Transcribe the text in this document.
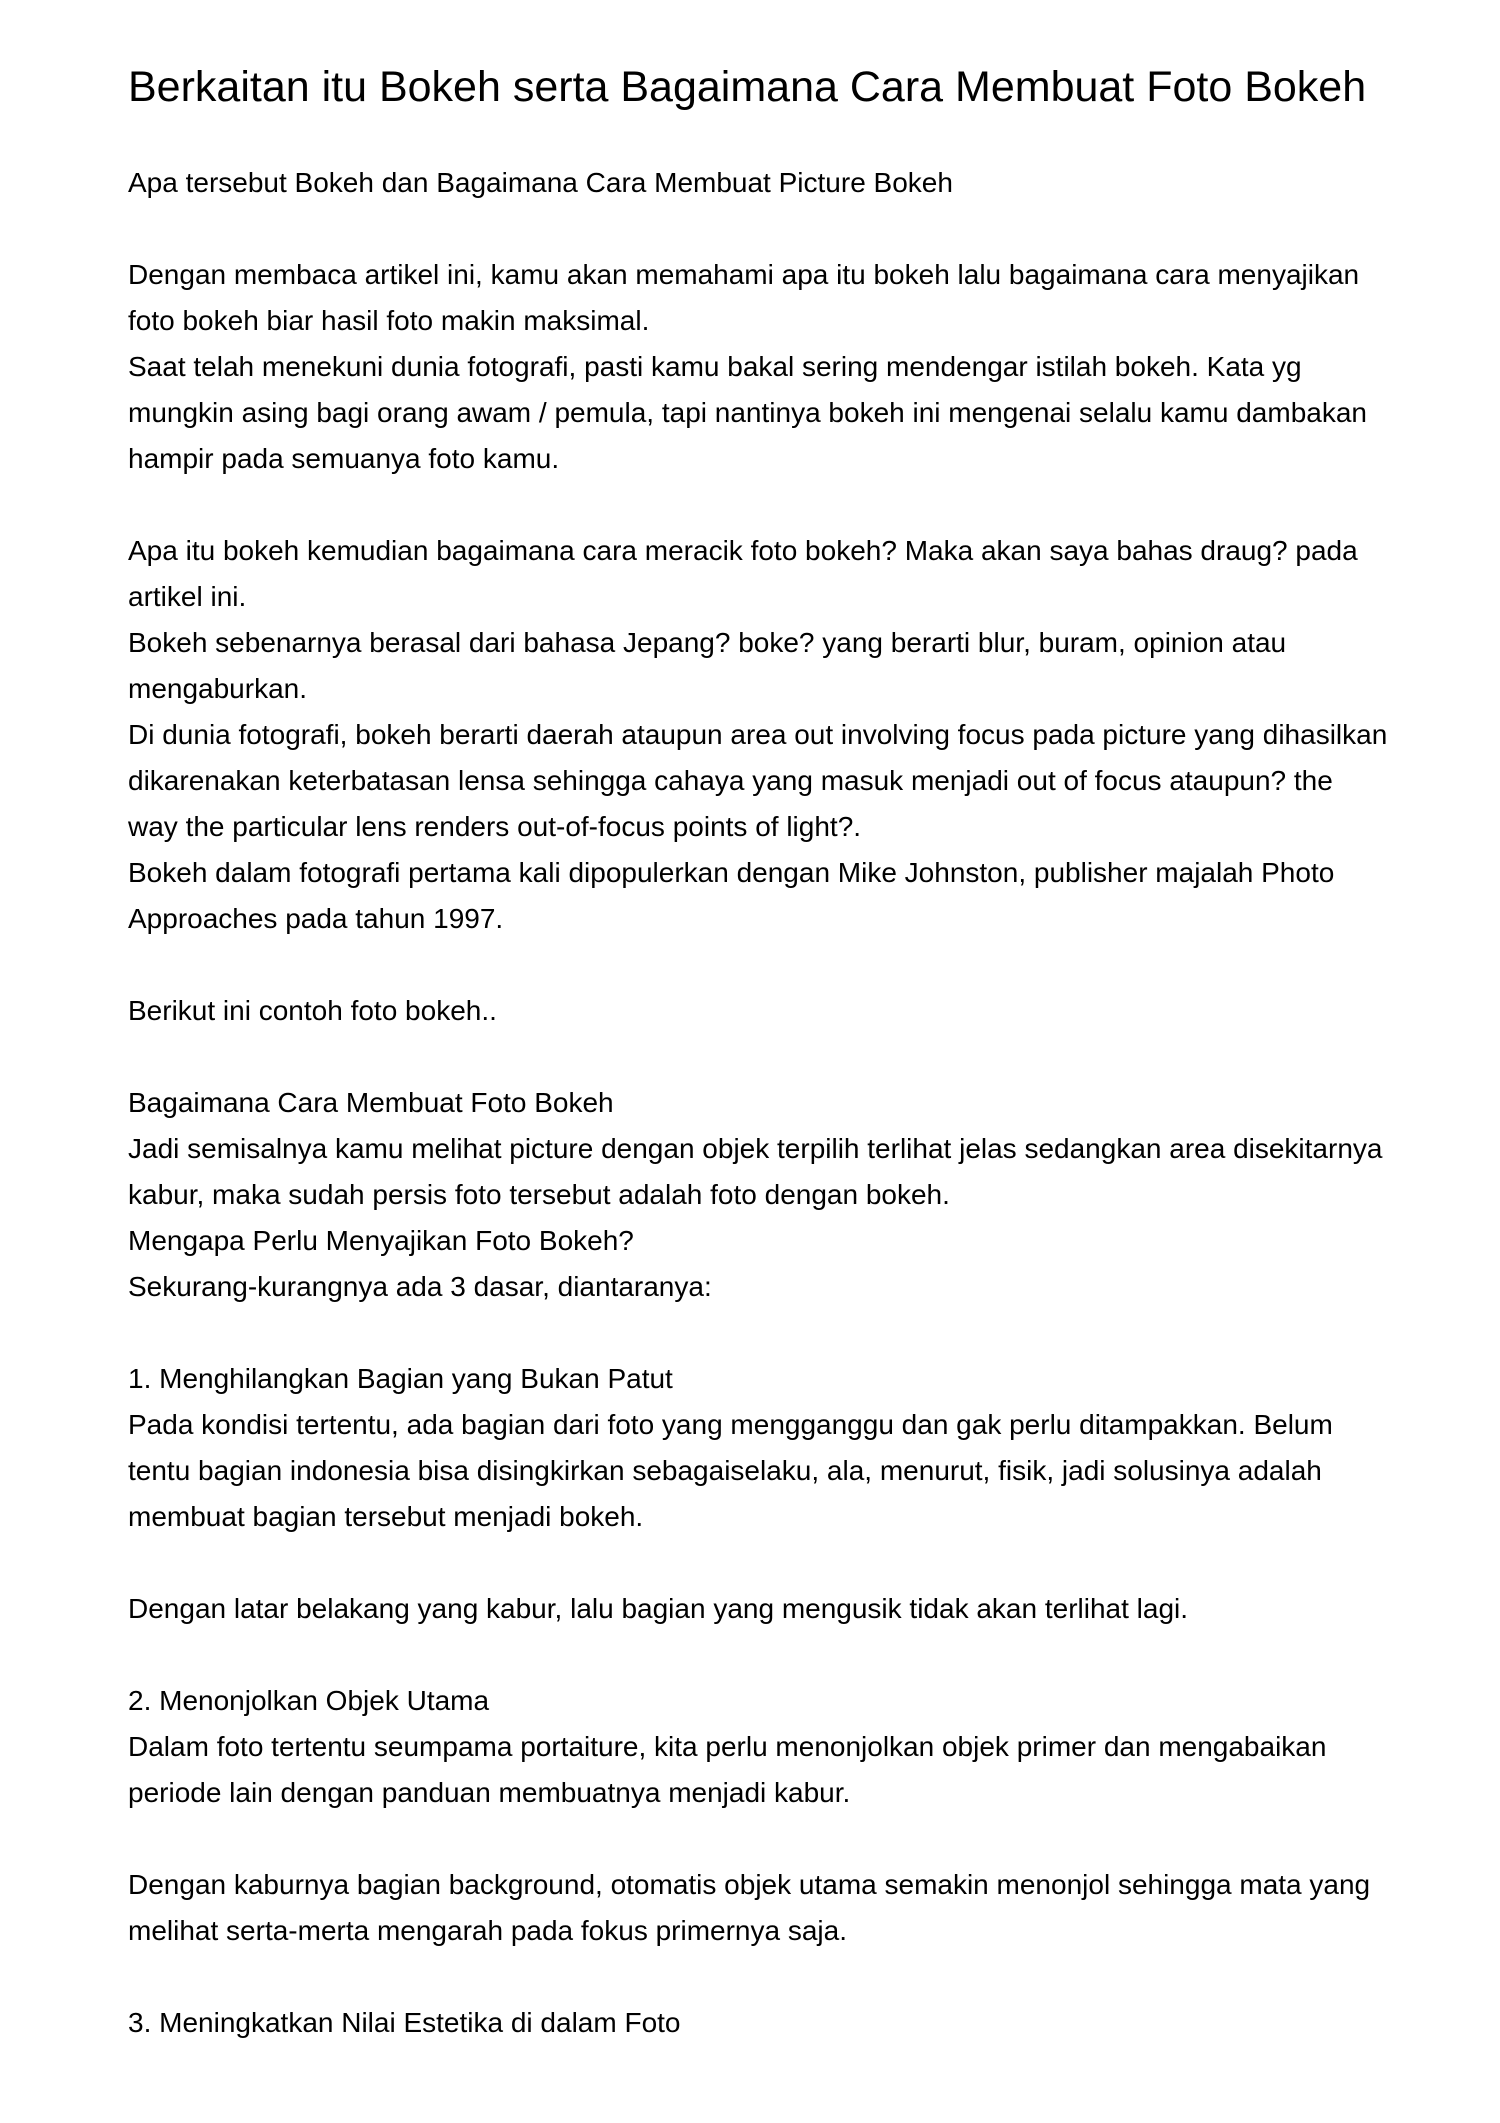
Berkaitan itu Bokeh serta Bagaimana Cara Membuat Foto Bokeh

Apa tersebut Bokeh dan Bagaimana Cara Membuat Picture Bokeh

Dengan membaca artikel ini, kamu akan memahami apa itu bokeh lalu bagaimana cara menyajikan foto bokeh biar hasil foto makin maksimal.

Saat telah menekuni dunia fotografi, pasti kamu bakal sering mendengar istilah bokeh. Kata yg mungkin asing bagi orang awam / pemula, tapi nantinya bokeh ini mengenai selalu kamu dambakan hampir pada semuanya foto kamu.

Apa itu bokeh kemudian bagaimana cara meracik foto bokeh? Maka akan saya bahas draug? pada artikel ini.

Bokeh sebenarnya berasal dari bahasa Jepang? boke? yang berarti blur, buram, opinion atau mengaburkan.

Di dunia fotografi, bokeh berarti daerah ataupun area out involving focus pada picture yang dihasilkan dikarenakan keterbatasan lensa sehingga cahaya yang masuk menjadi out of focus ataupun? the way the particular lens renders out-of-focus points of light?.

Bokeh dalam fotografi pertama kali dipopulerkan dengan Mike Johnston, publisher majalah Photo Approaches pada tahun 1997.

Berikut ini contoh foto bokeh..

Bagaimana Cara Membuat Foto Bokeh

Jadi semisalnya kamu melihat picture dengan objek terpilih terlihat jelas sedangkan area disekitarnya kabur, maka sudah persis foto tersebut adalah foto dengan bokeh.

Mengapa Perlu Menyajikan Foto Bokeh?

Sekurang-kurangnya ada 3 dasar, diantaranya:

1. Menghilangkan Bagian yang Bukan Patut

Pada kondisi tertentu, ada bagian dari foto yang mengganggu dan gak perlu ditampakkan. Belum tentu bagian indonesia bisa disingkirkan sebagaiselaku, ala, menurut, fisik, jadi solusinya adalah membuat bagian tersebut menjadi bokeh.

Dengan latar belakang yang kabur, lalu bagian yang mengusik tidak akan terlihat lagi.

2. Menonjolkan Objek Utama

Dalam foto tertentu seumpama portaiture, kita perlu menonjolkan objek primer dan mengabaikan periode lain dengan panduan membuatnya menjadi kabur.

Dengan kaburnya bagian background, otomatis objek utama semakin menonjol sehingga mata yang melihat serta-merta mengarah pada fokus primernya saja.

3. Meningkatkan Nilai Estetika di dalam Foto
